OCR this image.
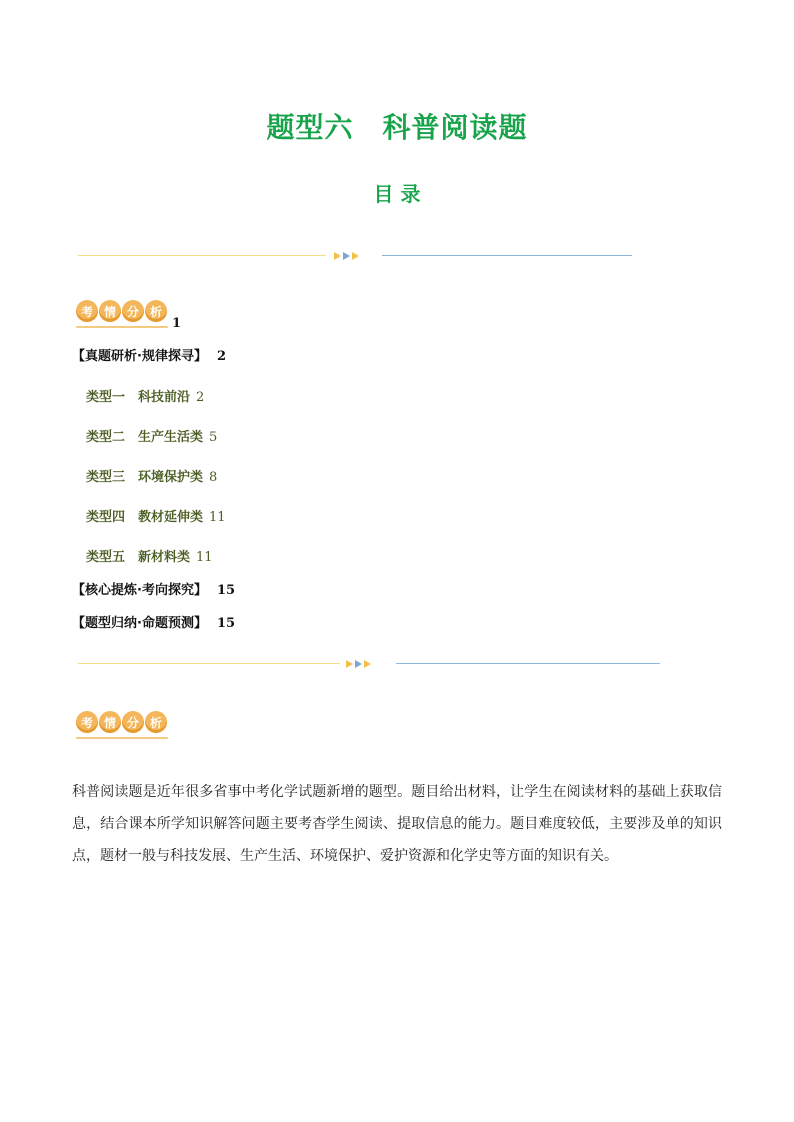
题型六　科普阅读题
目 录
考 情 分 析
1
【真题研析·规律探寻】 2
类型一　科技前沿 2
类型二　生产生活类 5
类型三　环境保护类 8
类型四　教材延伸类 11
类型五　新材料类 11
【核心提炼·考向探究】 15
【题型归纳·命题预测】 15
考 情 分 析
科普阅读题是近年很多省事中考化学试题新增的题型。题目给出材料，让学生在阅读材料的基础上获取信息，结合课本所学知识解答问题主要考杳学生阅读、提取信息的能力。题目难度较低，主要涉及单的知识点，题材一般与科技发展、生产生活、环境保护、爱护资源和化学史等方面的知识有关。
